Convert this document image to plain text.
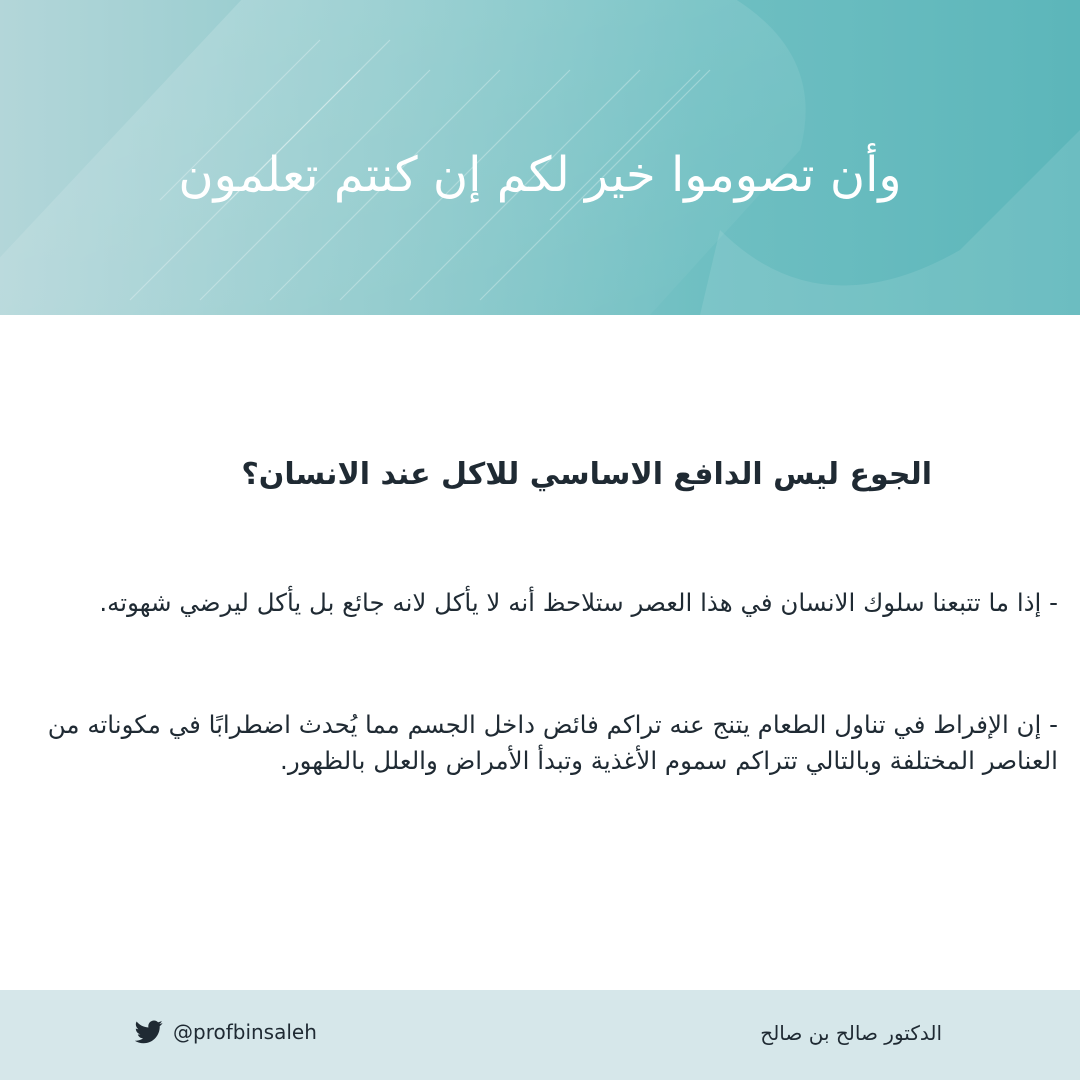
وأن تصوموا خير لكم إن كنتم تعلمون
الجوع ليس الدافع الاساسي للاكل عند الانسان؟
- إذا ما تتبعنا سلوك الانسان في هذا العصر ستلاحظ أنه لا يأكل لانه جائع بل يأكل ليرضي شهوته.
- إن الإفراط في تناول الطعام يتنج عنه تراكم فائض داخل الجسم مما يُحدث اضطرابًا في مكوناته من العناصر المختلفة وبالتالي تتراكم سموم الأغذية وتبدأ الأمراض والعلل بالظهور.
الدكتور صالح بن صالح
@profbinsaleh
